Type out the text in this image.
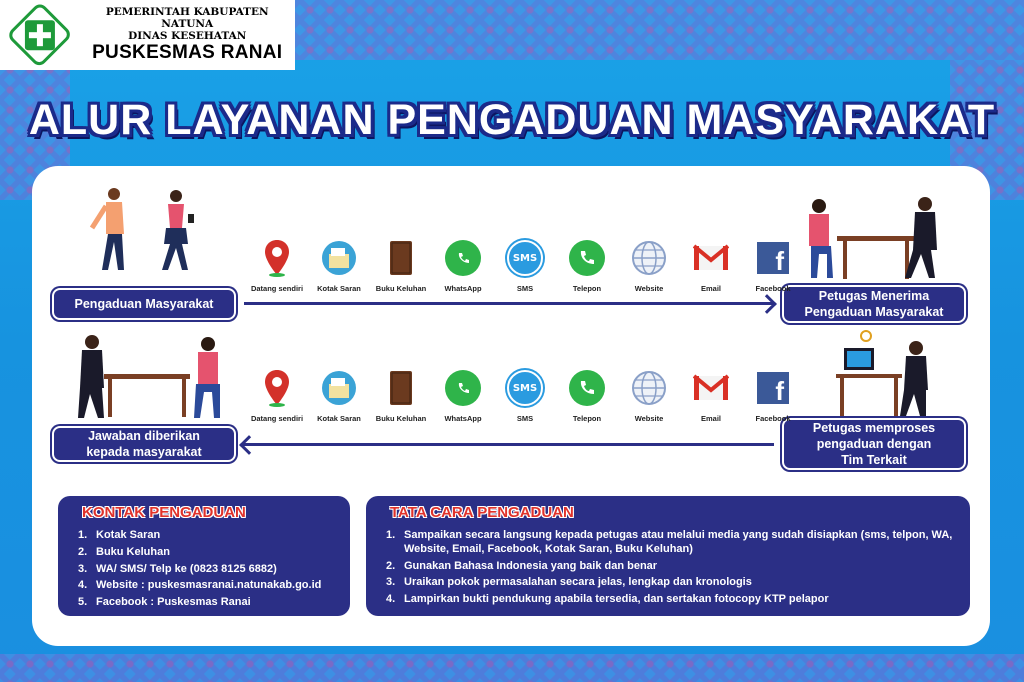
PEMERINTAH KABUPATEN NATUNA
DINAS KESEHATAN
PUSKESMAS RANAI
ALUR LAYANAN PENGADUAN MASYARAKAT
Pengaduan Masyarakat
Petugas Menerima
Pengaduan Masyarakat
Petugas memproses
pengaduan dengan
Tim Terkait
Jawaban diberikan
kepada masyarakat
Datang sendiri	Kotak Saran	Buku Keluhan	WhatsApp
SMS
SMS	Telepon	Website	Email
f
Facebook
Datang sendiri	Kotak Saran	Buku Keluhan	WhatsApp
SMS
SMS	Telepon	Website	Email
f
Facebook
KONTAK PENGADUAN
1. Kotak Saran
2. Buku Keluhan
3. WA/ SMS/ Telp ke (0823 8125 6882)
4. Website : puskesmasranai.natunakab.go.id
5. Facebook : Puskesmas Ranai
TATA CARA PENGADUAN
1. Sampaikan secara langsung kepada petugas atau melalui media yang sudah disiapkan (sms, telpon, WA, Website, Email, Facebook, Kotak Saran, Buku Keluhan)
2. Gunakan Bahasa Indonesia yang baik dan benar
3. Uraikan pokok permasalahan secara jelas, lengkap dan kronologis
4. Lampirkan bukti pendukung apabila tersedia, dan sertakan fotocopy KTP pelapor
